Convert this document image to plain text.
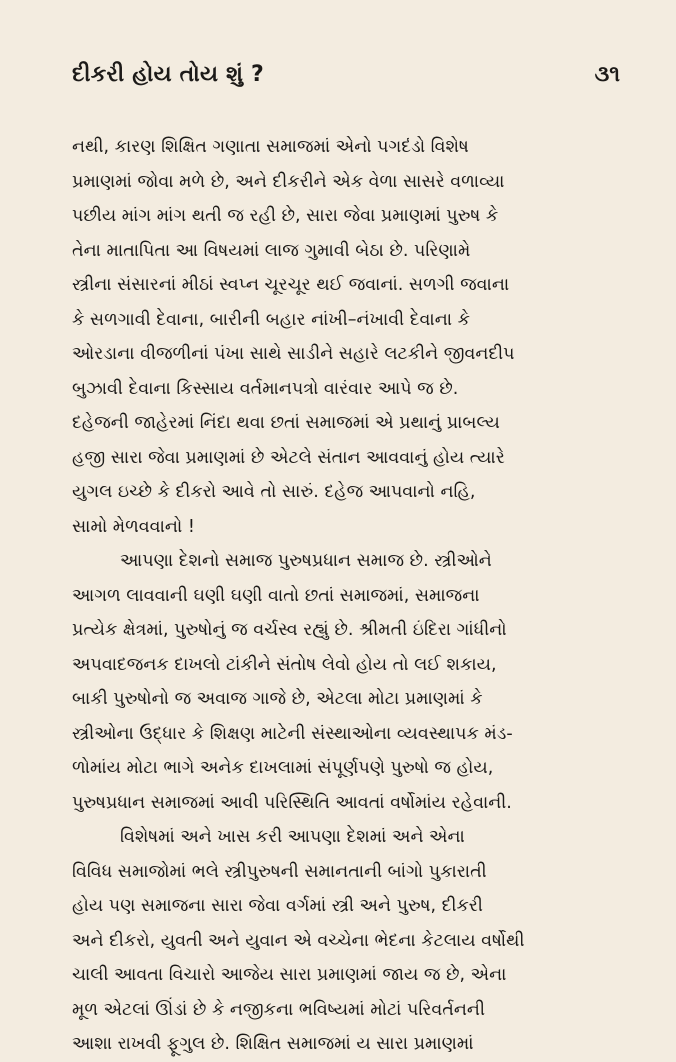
દીકરી હોય તોય શું ?	૩૧
નથી, કારણ શિક્ષિત ગણાતા સમાજમાં એનો પગદંડો વિશેષ
પ્રમાણમાં જોવા મળે છે, અને દીકરીને એક વેળા સાસરે વળાવ્યા
પછીય માંગ માંગ થતી જ રહી છે, સારા જેવા પ્રમાણમાં પુરુષ કે
તેના માતાપિતા આ વિષયમાં લાજ ગુમાવી બેઠા છે. પરિણામે
સ્ત્રીના સંસારનાં મીઠાં સ્વપ્ન ચૂરચૂર થઈ જવાનાં. સળગી જવાના
કે સળગાવી દેવાના, બારીની બહાર નાંખી–નંખાવી દેવાના કે
ઓરડાના વીજળીનાં પંખા સાથે સાડીને સહારે લટકીને જીવનદીપ
બુઝાવી દેવાના કિસ્સાય વર્તમાનપત્રો વારંવાર આપે જ છે.
દહેજની જાહેરમાં નિંદા થવા છતાં સમાજમાં એ પ્રથાનું પ્રાબલ્ય
હજી સારા જેવા પ્રમાણમાં છે એટલે સંતાન આવવાનું હોય ત્યારે
યુગલ ઇચ્છે કે દીકરો આવે તો સારું. દહેજ આપવાનો નહિ,
સામો મેળવવાનો !
આપણા દેશનો સમાજ પુરુષપ્રધાન સમાજ છે. સ્ત્રીઓને
આગળ લાવવાની ઘણી ઘણી વાતો છતાં સમાજમાં, સમાજના
પ્રત્યેક ક્ષેત્રમાં, પુરુષોનું જ વર્ચસ્વ રહ્યું છે. શ્રીમતી ઇંદિરા ગાંધીનો
અપવાદજનક દાખલો ટાંકીને સંતોષ લેવો હોય તો લઈ શકાય,
બાકી પુરુષોનો જ અવાજ ગાજે છે, એટલા મોટા પ્રમાણમાં કે
સ્ત્રીઓના ઉદ્ધાર કે શિક્ષણ માટેની સંસ્થાઓના વ્યવસ્થાપક મંડ-
ળોમાંય મોટા ભાગે અનેક દાખલામાં સંપૂર્ણપણે પુરુષો જ હોય,
પુરુષપ્રધાન સમાજમાં આવી પરિસ્થિતિ આવતાં વર્ષોમાંય રહેવાની.
વિશેષમાં અને ખાસ કરી આપણા દેશમાં અને એના
વિવિધ સમાજોમાં ભલે સ્ત્રીપુરુષની સમાનતાની બાંગો પુકારાતી
હોય પણ સમાજના સારા જેવા વર્ગમાં સ્ત્રી અને પુરુષ, દીકરી
અને દીકરો, યુવતી અને યુવાન એ વચ્ચેના ભેદના કેટલાય વર્ષોથી
ચાલી આવતા વિચારો આજેય સારા પ્રમાણમાં જાય જ છે, એના
મૂળ એટલાં ઊંડાં છે કે નજીકના ભવિષ્યમાં મોટાં પરિવર્તનની
આશા રાખવી ફૂગુલ છે. શિક્ષિત સમાજમાં ય સારા પ્રમાણમાં
